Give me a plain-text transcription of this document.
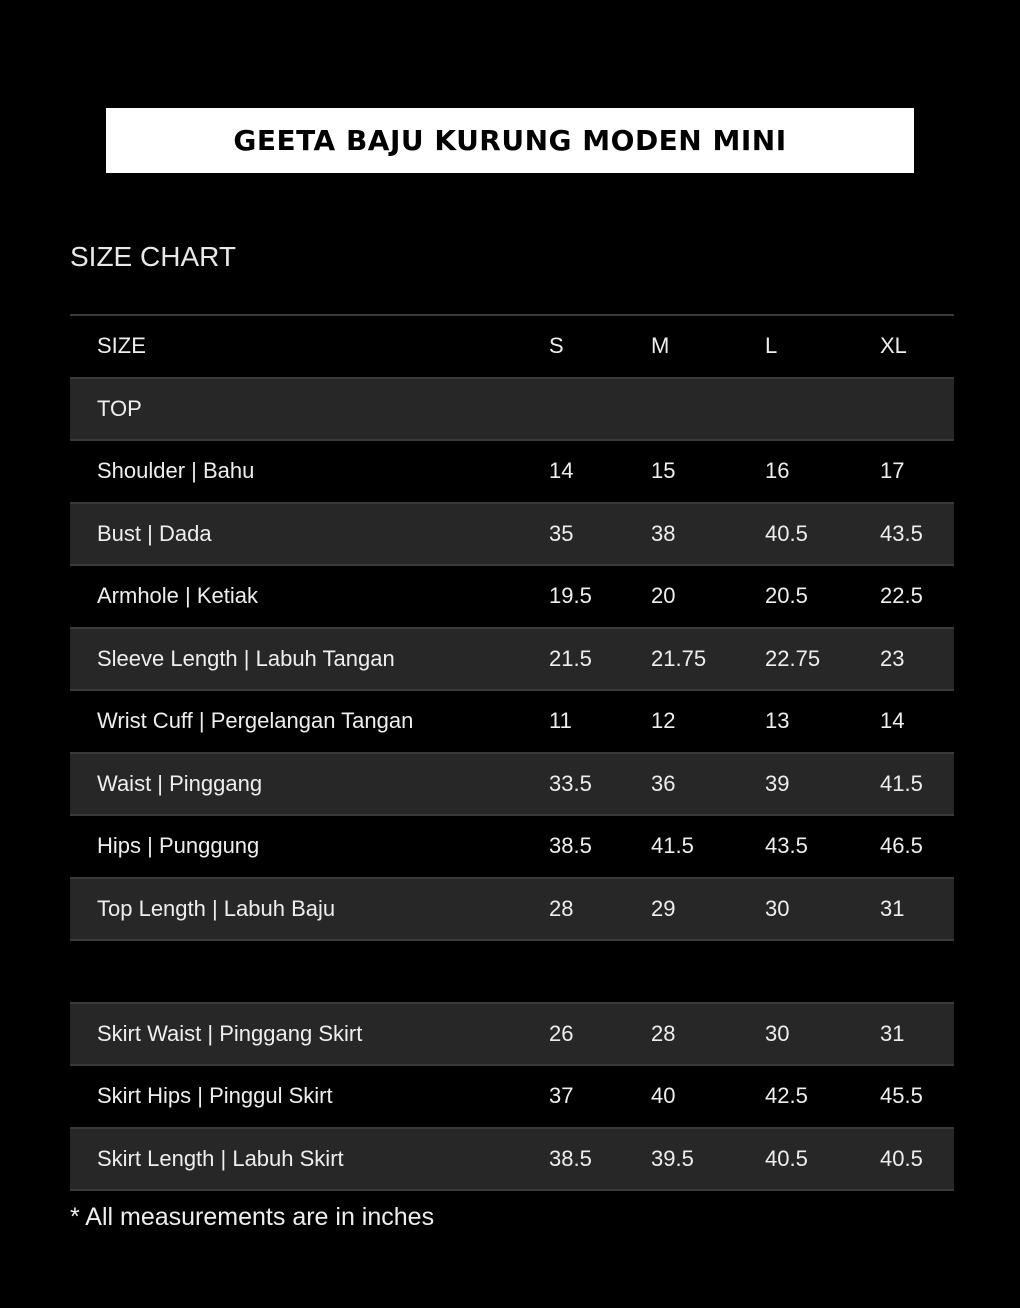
GEETA BAJU KURUNG MODEN MINI
SIZE CHART
SIZE	S	M	L	XL
TOP
Shoulder | Bahu	14	15	16	17
Bust | Dada	35	38	40.5	43.5
Armhole | Ketiak	19.5	20	20.5	22.5
Sleeve Length | Labuh Tangan	21.5	21.75	22.75	23
Wrist Cuff | Pergelangan Tangan	11	12	13	14
Waist | Pinggang	33.5	36	39	41.5
Hips | Punggung	38.5	41.5	43.5	46.5
Top Length | Labuh Baju	28	29	30	31
Skirt Waist | Pinggang Skirt	26	28	30	31
Skirt Hips | Pinggul Skirt	37	40	42.5	45.5
Skirt Length | Labuh Skirt	38.5	39.5	40.5	40.5
* All measurements are in inches
